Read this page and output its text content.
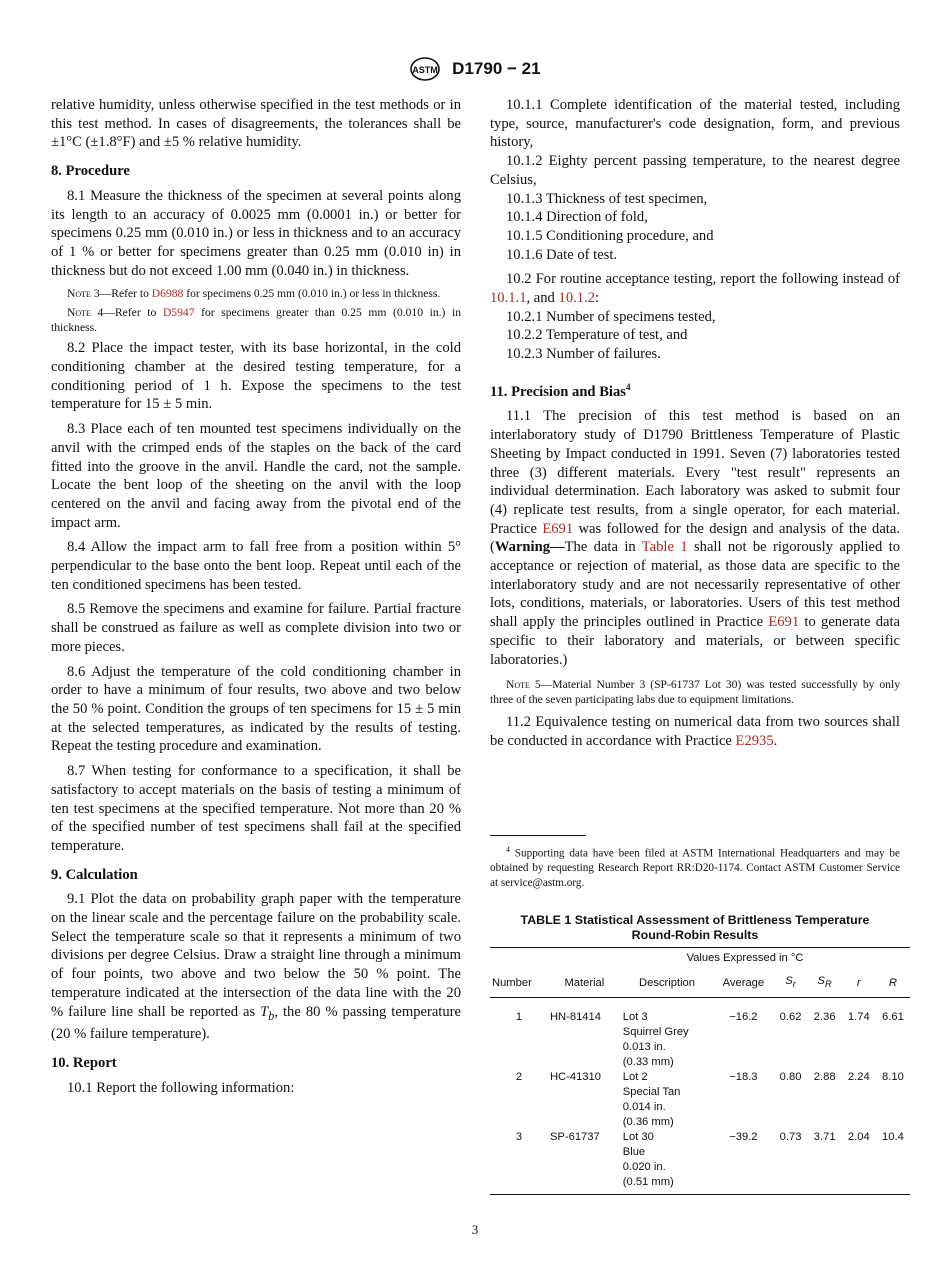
ASTM D1790 − 21

relative humidity, unless otherwise specified in the test methods or in this test method. In cases of disagreements, the tolerances shall be ±1°C (±1.8°F) and ±5 % relative humidity.

8. Procedure

8.1 Measure the thickness of the specimen at several points along its length to an accuracy of 0.0025 mm (0.0001 in.) or better for specimens 0.25 mm (0.010 in.) or less in thickness and to an accuracy of 1 % or better for specimens greater than 0.25 mm (0.010 in) in thickness but do not exceed 1.00 mm (0.040 in.) in thickness.

Note 3—Refer to D6988 for specimens 0.25 mm (0.010 in.) or less in thickness.
Note 4—Refer to D5947 for specimens greater than 0.25 mm (0.010 in.) in thickness.

8.2 Place the impact tester, with its base horizontal, in the cold conditioning chamber at the desired testing temperature, for a conditioning period of 1 h. Expose the specimens to the test temperature for 15 ± 5 min.

8.3 Place each of ten mounted test specimens individually on the anvil with the crimped ends of the staples on the back of the card fitted into the groove in the anvil. Handle the card, not the sample. Locate the bent loop of the sheeting on the anvil with the loop centered on the anvil and facing away from the pivotal end of the impact arm.

8.4 Allow the impact arm to fall free from a position within 5° perpendicular to the base onto the bent loop. Repeat until each of the ten conditioned specimens has been tested.

8.5 Remove the specimens and examine for failure. Partial fracture shall be construed as failure as well as complete division into two or more pieces.

8.6 Adjust the temperature of the cold conditioning chamber in order to have a minimum of four results, two above and two below the 50 % point. Condition the groups of ten specimens for 15 ± 5 min at the selected temperatures, as indicated by the results of testing. Repeat the testing procedure and examination.

8.7 When testing for conformance to a specification, it shall be satisfactory to accept materials on the basis of testing a minimum of ten test specimens at the specified temperature. Not more than 20 % of the specified number of test specimens shall fail at the specified temperature.

9. Calculation

9.1 Plot the data on probability graph paper with the temperature on the linear scale and the percentage failure on the probability scale. Select the temperature scale so that it represents a minimum of two divisions per degree Celsius. Draw a straight line through a minimum of four points, two above and two below the 50 % point. The temperature indicated at the intersection of the data line with the 20 % failure line shall be reported as $T_b$, the 80 % passing temperature (20 % failure temperature).

10. Report

10.1 Report the following information:

10.1.1 Complete identification of the material tested, including type, source, manufacturer's code designation, form, and previous history,

10.1.2 Eighty percent passing temperature, to the nearest degree Celsius,

10.1.3 Thickness of test specimen,

10.1.4 Direction of fold,

10.1.5 Conditioning procedure, and

10.1.6 Date of test.

10.2 For routine acceptance testing, report the following instead of 10.1.1, and 10.1.2:

10.2.1 Number of specimens tested,

10.2.2 Temperature of test, and

10.2.3 Number of failures.

11. Precision and Bias$^4$

11.1 The precision of this test method is based on an interlaboratory study of D1790 Brittleness Temperature of Plastic Sheeting by Impact conducted in 1991. Seven (7) laboratories tested three (3) different materials. Every "test result" represents an individual determination. Each laboratory was asked to submit four (4) replicate test results, from a single operator, for each material. Practice E691 was followed for the design and analysis of the data. (Warning—The data in Table 1 shall not be rigorously applied to acceptance or rejection of material, as those data are specific to the interlaboratory study and are not necessarily representative of other lots, conditions, materials, or laboratories. Users of this test method shall apply the principles outlined in Practice E691 to generate data specific to their laboratory and materials, or between specific laboratories.)

Note 5—Material Number 3 (SP-61737 Lot 30) was tested successfully by only three of the seven participating labs due to equipment limitations.

11.2 Equivalence testing on numerical data from two sources shall be conducted in accordance with Practice E2935.

$^4$ Supporting data have been filed at ASTM International Headquarters and may be obtained by requesting Research Report RR:D20-1174. Contact ASTM Customer Service at service@astm.org.

TABLE 1 Statistical Assessment of Brittleness Temperature
Round-Robin Results
Values Expressed in °C							
Number	Material	Description	Average	$S_r$	$S_R$	r	R

1	HN-81414	Lot 3
Squirrel Grey
0.013 in.
(0.33 mm)	−16.2	0.62	2.36	1.74	6.61
2	HC-41310	Lot 2
Special Tan
0.014 in.
(0.36 mm)	−18.3	0.80	2.88	2.24	8.10
3	SP-61737	Lot 30
Blue
0.020 in.
(0.51 mm)	−39.2	0.73	3.71	2.04	10.4
3
